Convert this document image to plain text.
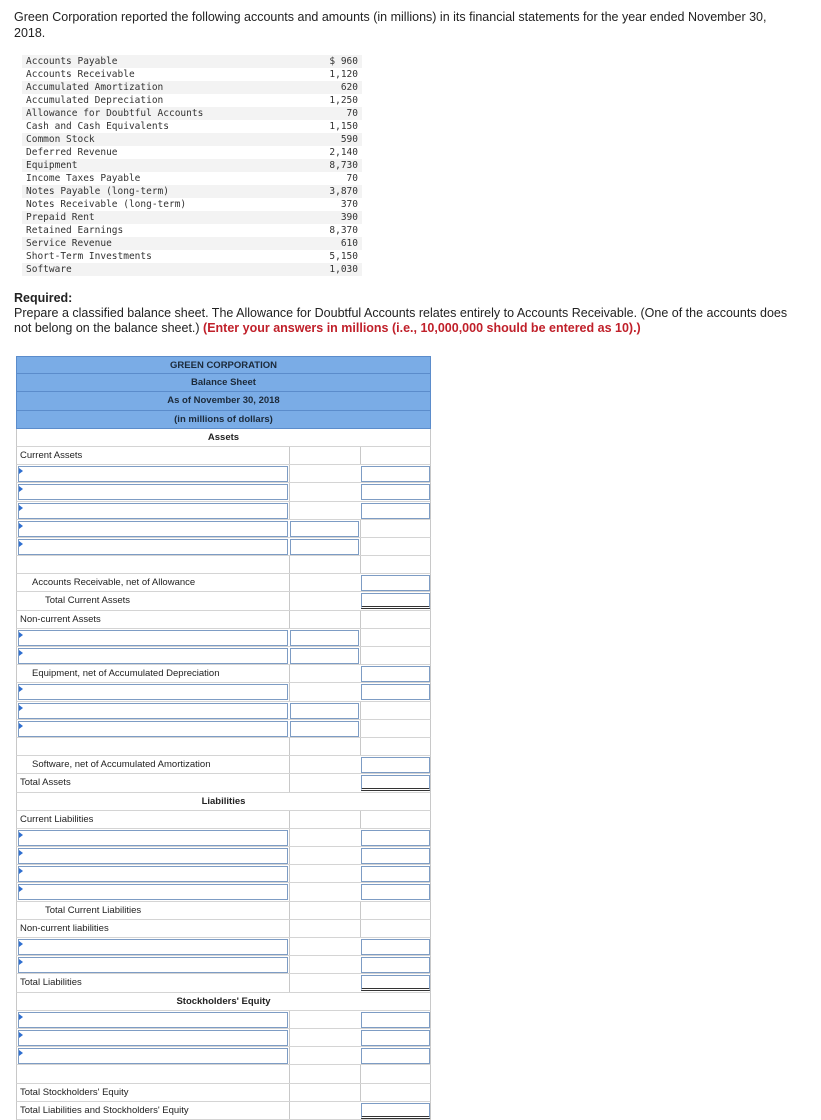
Green Corporation reported the following accounts and amounts (in millions) in its financial statements for the year ended November 30, 2018.
Accounts Payable	$ 960
Accounts Receivable	1,120
Accumulated Amortization	620
Accumulated Depreciation	1,250
Allowance for Doubtful Accounts	70
Cash and Cash Equivalents	1,150
Common Stock	590
Deferred Revenue	2,140
Equipment	8,730
Income Taxes Payable	70
Notes Payable (long-term)	3,870
Notes Receivable (long-term)	370
Prepaid Rent	390
Retained Earnings	8,370
Service Revenue	610
Short-Term Investments	5,150
Software	1,030
Required:
Prepare a classified balance sheet. The Allowance for Doubtful Accounts relates entirely to Accounts Receivable. (One of the accounts does not belong on the balance sheet.) (Enter your answers in millions (i.e., 10,000,000 should be entered as 10).)
GREEN CORPORATION
Balance Sheet
As of November 30, 2018
(in millions of dollars)
Assets
Current Assets
Accounts Receivable, net of Allowance
Total Current Assets
Non-current Assets
Equipment, net of Accumulated Depreciation
Software, net of Accumulated Amortization
Total Assets
Liabilities
Current Liabilities
Total Current Liabilities
Non-current liabilities
Total Liabilities
Stockholders' Equity
Total Stockholders' Equity
Total Liabilities and Stockholders' Equity
